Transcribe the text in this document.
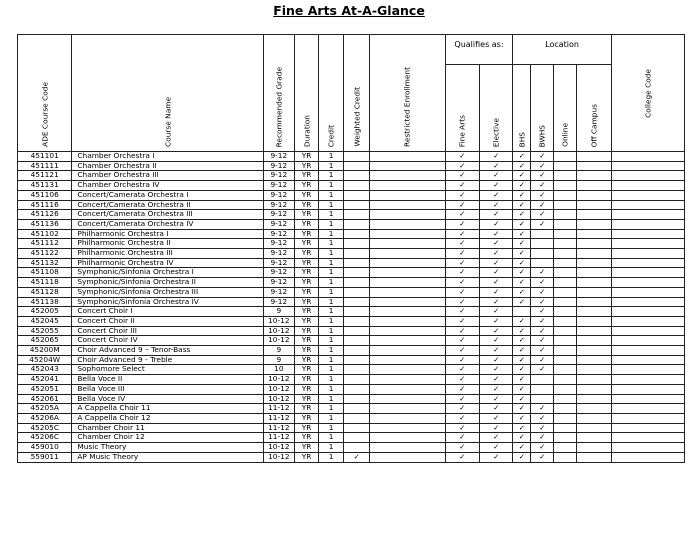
Fine Arts At-A-Glance
ADE Course Code	Course Name	Recommended Grade	Duration	Credit	Weighted Credit	Restricted Enrollment	Qualifies as:		Location				College Code

							Fine Arts	Elective	BHS	BWHS	Online	Off Campus	

451101	Chamber Orchestra I	9-12	YR	1			✓	✓	✓	✓			
451111	Chamber Orchestra II	9-12	YR	1			✓	✓	✓	✓			
451121	Chamber Orchestra III	9-12	YR	1			✓	✓	✓	✓			
451131	Chamber Orchestra IV	9-12	YR	1			✓	✓	✓	✓			
451106	Concert/Camerata Orchestra I	9-12	YR	1			✓	✓	✓	✓			
451116	Concert/Camerata Orchestra II	9-12	YR	1			✓	✓	✓	✓			
451126	Concert/Camerata Orchestra III	9-12	YR	1			✓	✓	✓	✓			
451136	Concert/Camerata Orchestra IV	9-12	YR	1			✓	✓	✓	✓			
451102	Philharmonic Orchestra I	9-12	YR	1			✓	✓	✓				
451112	Philharmonic Orchestra II	9-12	YR	1			✓	✓	✓				
451122	Philharmonic Orchestra III	9-12	YR	1			✓	✓	✓				
451132	Philharmonic Orchestra IV	9-12	YR	1			✓	✓	✓				
451108	Symphonic/Sinfonia Orchestra I	9-12	YR	1			✓	✓	✓	✓			
451118	Symphonic/Sinfonia Orchestra II	9-12	YR	1			✓	✓	✓	✓			
451128	Symphonic/Sinfonia Orchestra III	9-12	YR	1			✓	✓	✓	✓			
451138	Symphonic/Sinfonia Orchestra IV	9-12	YR	1			✓	✓	✓	✓			
452005	Concert Choir I	9	YR	1			✓	✓		✓			
452045	Concert Choir II	10-12	YR	1			✓	✓	✓	✓			
452055	Concert Choir III	10-12	YR	1			✓	✓	✓	✓			
452065	Concert Choir IV	10-12	YR	1			✓	✓	✓	✓			
45200M	Choir Advanced 9 – Tenor-Bass	9	YR	1			✓	✓	✓	✓			
45204W	Choir Advanced 9 - Treble	9	YR	1			✓	✓	✓	✓			
452043	Sophomore Select	10	YR	1			✓	✓	✓	✓			
452041	Bella Voce II	10-12	YR	1			✓	✓	✓				
452051	Bella Voce III	10-12	YR	1			✓	✓	✓				
452061	Bella Voce IV	10-12	YR	1			✓	✓	✓				
45205A	A Cappella Choir 11	11-12	YR	1			✓	✓	✓	✓			
45206A	A Cappella Choir 12	11-12	YR	1			✓	✓	✓	✓			
45205C	Chamber Choir 11	11-12	YR	1			✓	✓	✓	✓			
45206C	Chamber Choir 12	11-12	YR	1			✓	✓	✓	✓			
459010	Music Theory	10-12	YR	1			✓	✓	✓	✓			
559011	AP Music Theory	10-12	YR	1	✓		✓	✓	✓	✓			
